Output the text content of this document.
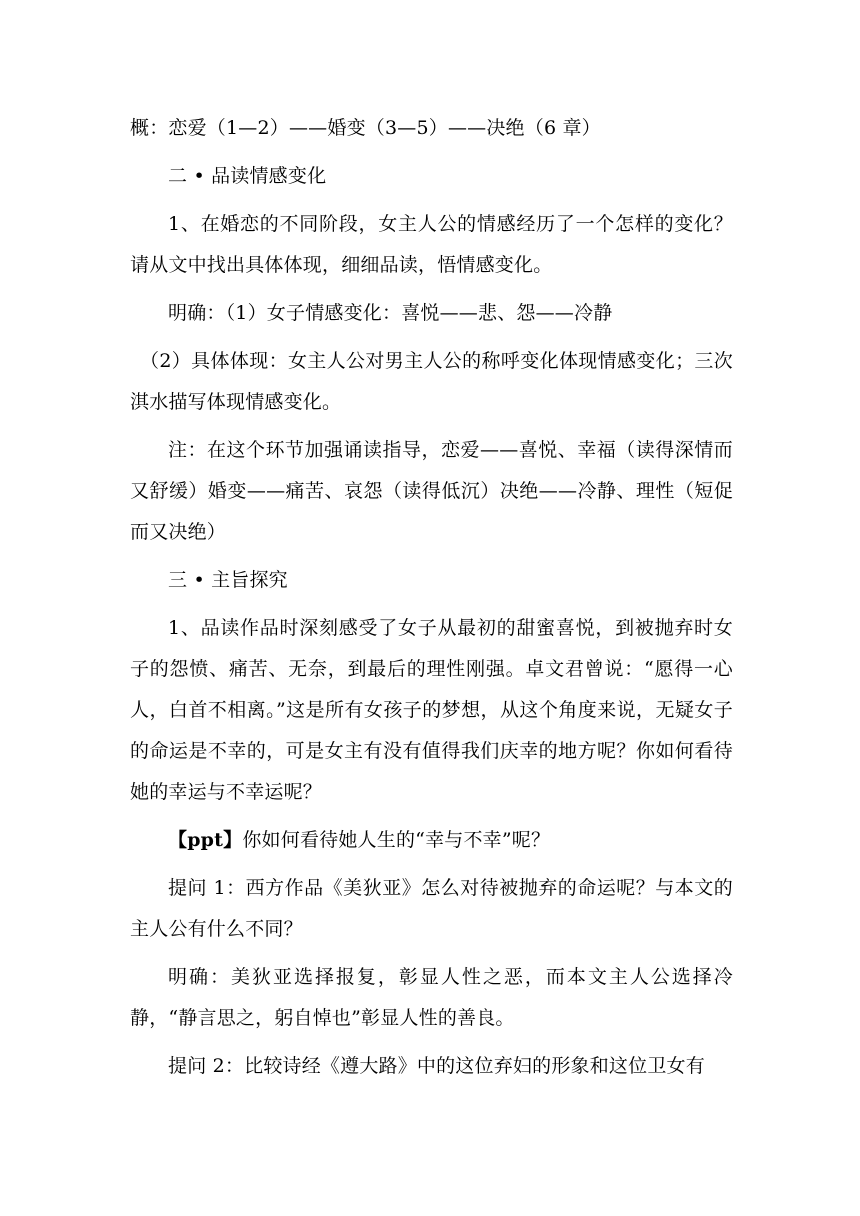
概：恋爱（1—2）——婚变（3—5）——决绝（6 章）

二 • 品读情感变化

1、在婚恋的不同阶段，女主人公的情感经历了一个怎样的变化？请从文中找出具体体现，细细品读，悟情感变化。

明确：（1）女子情感变化：喜悦——悲、怨——冷静

（2）具体体现：女主人公对男主人公的称呼变化体现情感变化；三次淇水描写体现情感变化。

注：在这个环节加强诵读指导，恋爱——喜悦、幸福（读得深情而又舒缓）婚变——痛苦、哀怨（读得低沉）决绝——冷静、理性（短促而又决绝）

三 • 主旨探究

1、品读作品时深刻感受了女子从最初的甜蜜喜悦，到被抛弃时女子的怨愤、痛苦、无奈，到最后的理性刚强。卓文君曾说：“愿得一心人，白首不相离。”这是所有女孩子的梦想，从这个角度来说，无疑女子的命运是不幸的，可是女主有没有值得我们庆幸的地方呢？你如何看待她的幸运与不幸运呢？

【ppt】你如何看待她人生的“幸与不幸”呢？

提问 1：西方作品《美狄亚》怎么对待被抛弃的命运呢？与本文的主人公有什么不同？

明确：美狄亚选择报复，彰显人性之恶，而本文主人公选择冷静，“静言思之，躬自悼也”彰显人性的善良。

提问 2：比较诗经《遵大路》中的这位弃妇的形象和这位卫女有
